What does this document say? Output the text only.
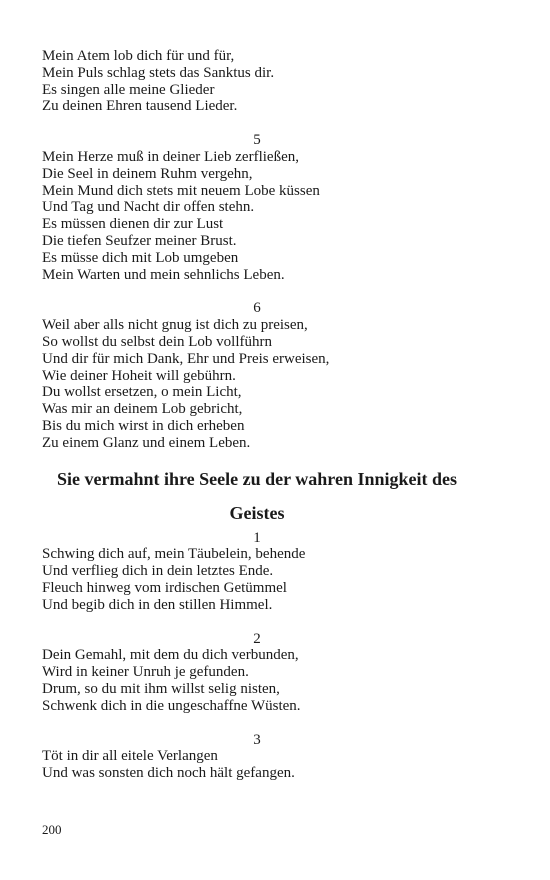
Mein Atem lob dich für und für,
Mein Puls schlag stets das Sanktus dir.
Es singen alle meine Glieder
Zu deinen Ehren tausend Lieder.
5
Mein Herze muß in deiner Lieb zerfließen,
Die Seel in deinem Ruhm vergehn,
Mein Mund dich stets mit neuem Lobe küssen
Und Tag und Nacht dir offen stehn.
Es müssen dienen dir zur Lust
Die tiefen Seufzer meiner Brust.
Es müsse dich mit Lob umgeben
Mein Warten und mein sehnlichs Leben.
6
Weil aber alls nicht gnug ist dich zu preisen,
So wollst du selbst dein Lob vollführn
Und dir für mich Dank, Ehr und Preis erweisen,
Wie deiner Hoheit will gebührn.
Du wollst ersetzen, o mein Licht,
Was mir an deinem Lob gebricht,
Bis du mich wirst in dich erheben
Zu einem Glanz und einem Leben.
Sie vermahnt ihre Seele zu der wahren Innigkeit des
Geistes
1
Schwing dich auf, mein Täubelein, behende
Und verflieg dich in dein letztes Ende.
Fleuch hinweg vom irdischen Getümmel
Und begib dich in den stillen Himmel.
2
Dein Gemahl, mit dem du dich verbunden,
Wird in keiner Unruh je gefunden.
Drum, so du mit ihm willst selig nisten,
Schwenk dich in die ungeschaffne Wüsten.
3
Töt in dir all eitele Verlangen
Und was sonsten dich noch hält gefangen.
200
